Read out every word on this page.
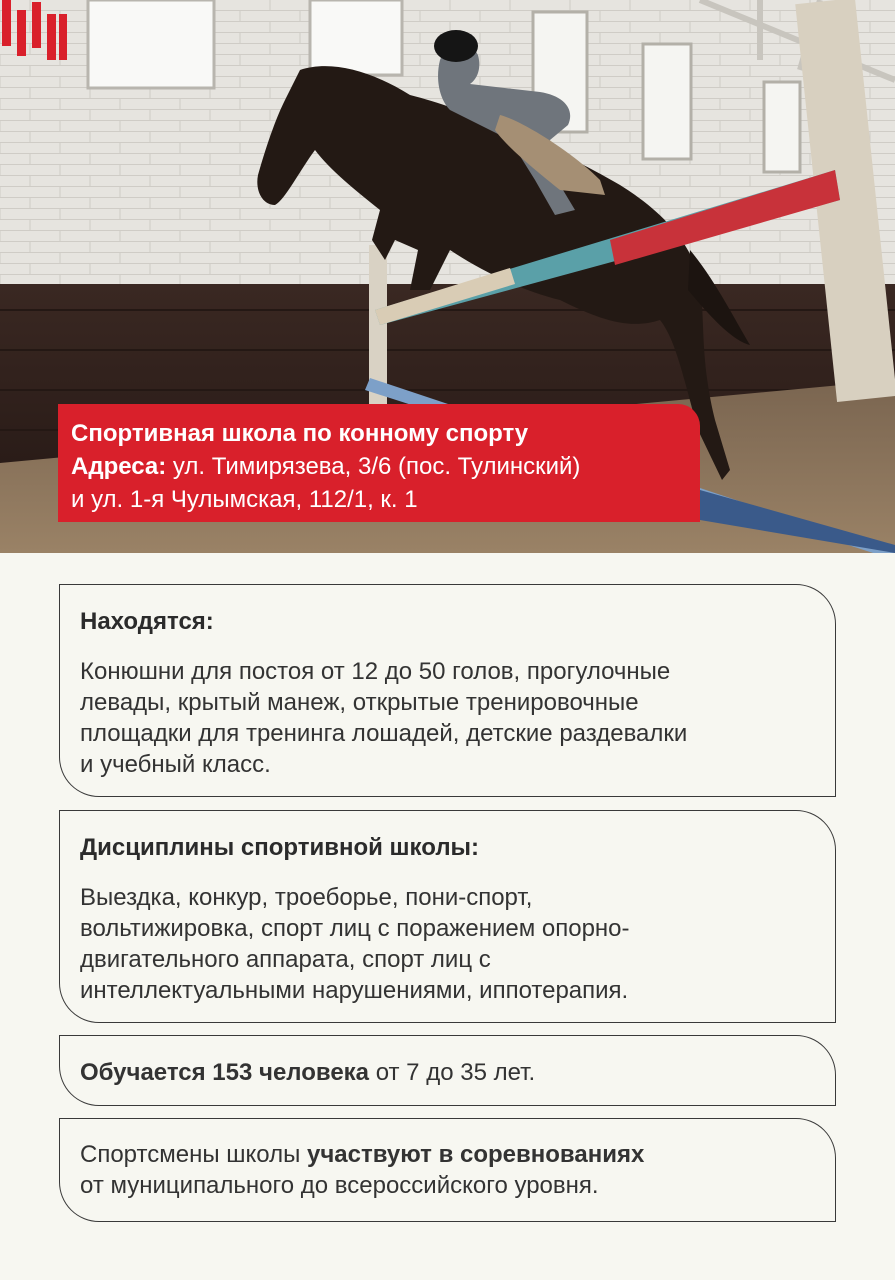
Спортивная школа по конному спорту
Адреса: ул. Тимирязева, 3/6 (пос. Тулинский)
и ул. 1-я Чулымская, 112/1, к. 1
Находятся:
Конюшни для постоя от 12 до 50 голов, прогулочные
левады, крытый манеж, открытые тренировочные
площадки для тренинга лошадей, детские раздевалки
и учебный класс.
Дисциплины спортивной школы:
Выездка, конкур, троеборье, пони-спорт,
вольтижировка, спорт лиц с поражением опорно-
двигательного аппарата, спорт лиц с
интеллектуальными нарушениями, иппотерапия.
Обучается 153 человека от 7 до 35 лет.
Спортсмены школы участвуют в соревнованиях
от муниципального до всероссийского уровня.
